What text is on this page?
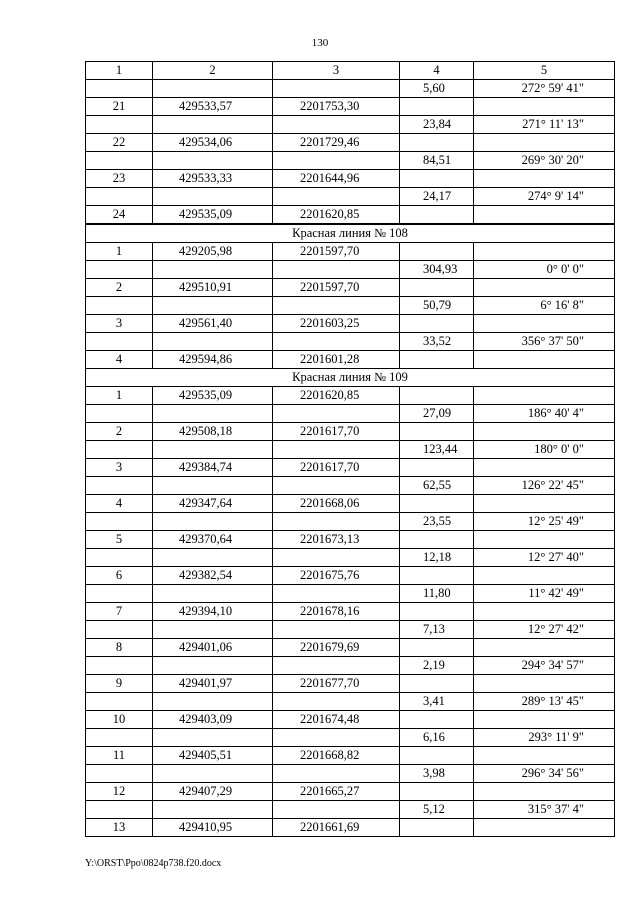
130
1	2	3	4	5
			5,60	272° 59' 41"
21	429533,57	2201753,30		
			23,84	271° 11' 13"
22	429534,06	2201729,46		
			84,51	269° 30' 20"
23	429533,33	2201644,96		
			24,17	274° 9' 14"
24	429535,09	2201620,85		
Красная линия № 108				
1	429205,98	2201597,70		
			304,93	0° 0' 0"
2	429510,91	2201597,70		
			50,79	6° 16' 8"
3	429561,40	2201603,25		
			33,52	356° 37' 50"
4	429594,86	2201601,28		
Красная линия № 109				
1	429535,09	2201620,85		
			27,09	186° 40' 4"
2	429508,18	2201617,70		
			123,44	180° 0' 0"
3	429384,74	2201617,70		
			62,55	126° 22' 45"
4	429347,64	2201668,06		
			23,55	12° 25' 49"
5	429370,64	2201673,13		
			12,18	12° 27' 40"
6	429382,54	2201675,76		
			11,80	11° 42' 49"
7	429394,10	2201678,16		
			7,13	12° 27' 42"
8	429401,06	2201679,69		
			2,19	294° 34' 57"
9	429401,97	2201677,70		
			3,41	289° 13' 45"
10	429403,09	2201674,48		
			6,16	293° 11' 9"
11	429405,51	2201668,82		
			3,98	296° 34' 56"
12	429407,29	2201665,27		
			5,12	315° 37' 4"
13	429410,95	2201661,69		
Y:\ORST\Ppo\0824p738.f20.docx
